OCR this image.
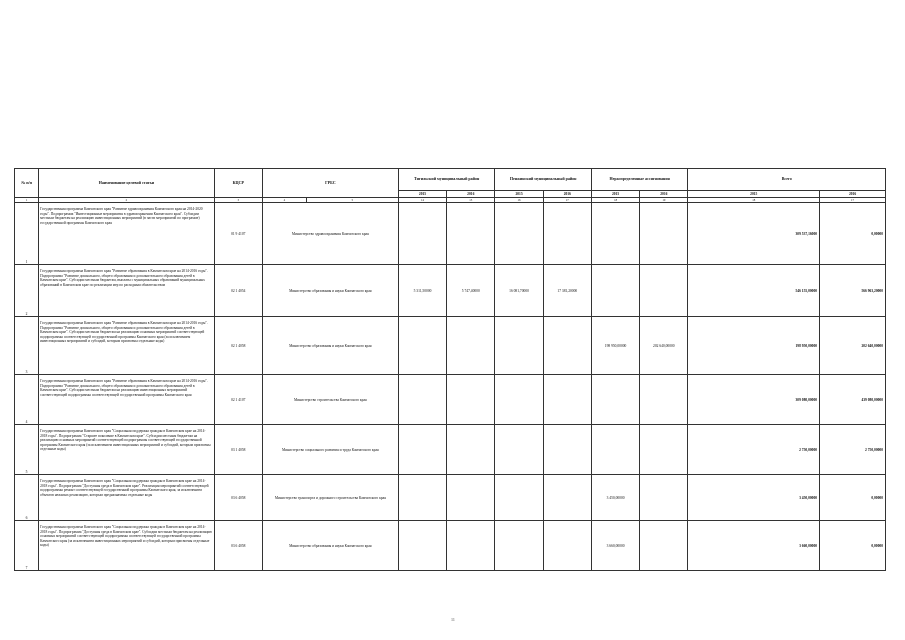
№ п/п	Наименование целевой статьи	КЦСР	ГРБС		Тигильский муниципальный район		Пенжинский муниципальный район		Нераспределенные ассигнования		Всего	
					2015	2016	2015	2016	2015	2016	2015	2016
1	2	3	4	5	14	15	16	17	18	19	18	17
1	Государственная программа Камчатского края "Развитие здравоохранения Камчатского края на 2014-2020 годы". Подпрограмма "Инвестиционные мероприятия в здравоохранении Камчатского края". Субсидии местным бюджетам на реализацию инвестиционных мероприятий (в части мероприятий по программе) государственной программы Камчатского края	01 9 4107	Министерство здравоохранения Камчатского края								309 537,16000	0,00000
2	Государственная программа Камчатского края "Развитие образования в Камчатском крае на 2014-2016 годы". Подпрограмма "Развитие дошкольного, общего образования и дополнительного образования детей в Камчатском крае". Субсидии местным бюджетам, выплаты с муниципальных образований муниципальных образований в Камчатском крае по реализации мер по расходным обязательствам	02 1 4054	Министерство образования и науки Камчатского края		5 311,50000	5 747,40000	16 081,70000	17 381,20000			546 155,00000	566 963,20000
3	Государственная программа Камчатского края "Развитие образования в Камчатском крае на 2014-2016 годы". Подпрограмма "Развитие дошкольного, общего образования и дополнительного образования детей в Камчатском крае". Субсидии местным бюджетам на реализацию основных мероприятий соответствующей подпрограммы соответствующей государственной программы Камчатского края (за исключением инвестиционных мероприятий и субсидий, которым присвоены отдельные коды)	02 1 4058	Министерство образования и науки Камчатского края						198 950,00000	202 640,00000	198 950,00000	202 640,00000
4	Государственная программа Камчатского края "Развитие образования в Камчатском крае на 2014-2016 годы". Подпрограмма "Развитие дошкольного, общего образования и дополнительного образования детей в Камчатском крае". Субсидии местным бюджетам на реализацию инвестиционных мероприятий соответствующей подпрограммы соответствующей государственной программы Камчатского края	02 1 4107	Министерство строительства Камчатского края								309 080,00000	439 080,00000
5	Государственная программа Камчатского края "Социальная поддержка граждан в Камчатском крае на 2014-2018 годы". Подпрограмма "Старшее поколение в Камчатском крае". Субсидии местным бюджетам на реализацию основных мероприятий соответствующей подпрограммы соответствующей государственной программы Камчатского края (за исключением инвестиционных мероприятий и субсидий, которым присвоены отдельные коды)	03 1 4058	Министерство социального развития и труда Камчатского края								2 750,00000	2 750,00000
6	Государственная программа Камчатского края "Социальная поддержка граждан в Камчатском крае на 2014-2018 годы". Подпрограмма "Доступная среда в Камчатском крае". Реализация мероприятий соответствующей подпрограммы ремонт соответствующей государственной программы Камчатского края, за исключением объектов нежилых реализацию, которым предназначены отдельные коды	03 6 4058	Министерство транспорта и дорожного строительства Камчатского края						3 450,00000		3 450,00000	0,00000
7	Государственная программа Камчатского края "Социальная поддержка граждан в Камчатском крае на 2014-2018 годы". Подпрограмма "Доступная среда в Камчатском крае". Субсидии местным бюджетам на реализацию основных мероприятий соответствующей подпрограммы соответствующей государственной программы Камчатского края (за исключением инвестиционных мероприятий и субсидий, которым присвоены отдельные коды)	03 6 4058	Министерство образования и науки Камчатского края						3 660,00000		3 660,00000	0,00000
11
